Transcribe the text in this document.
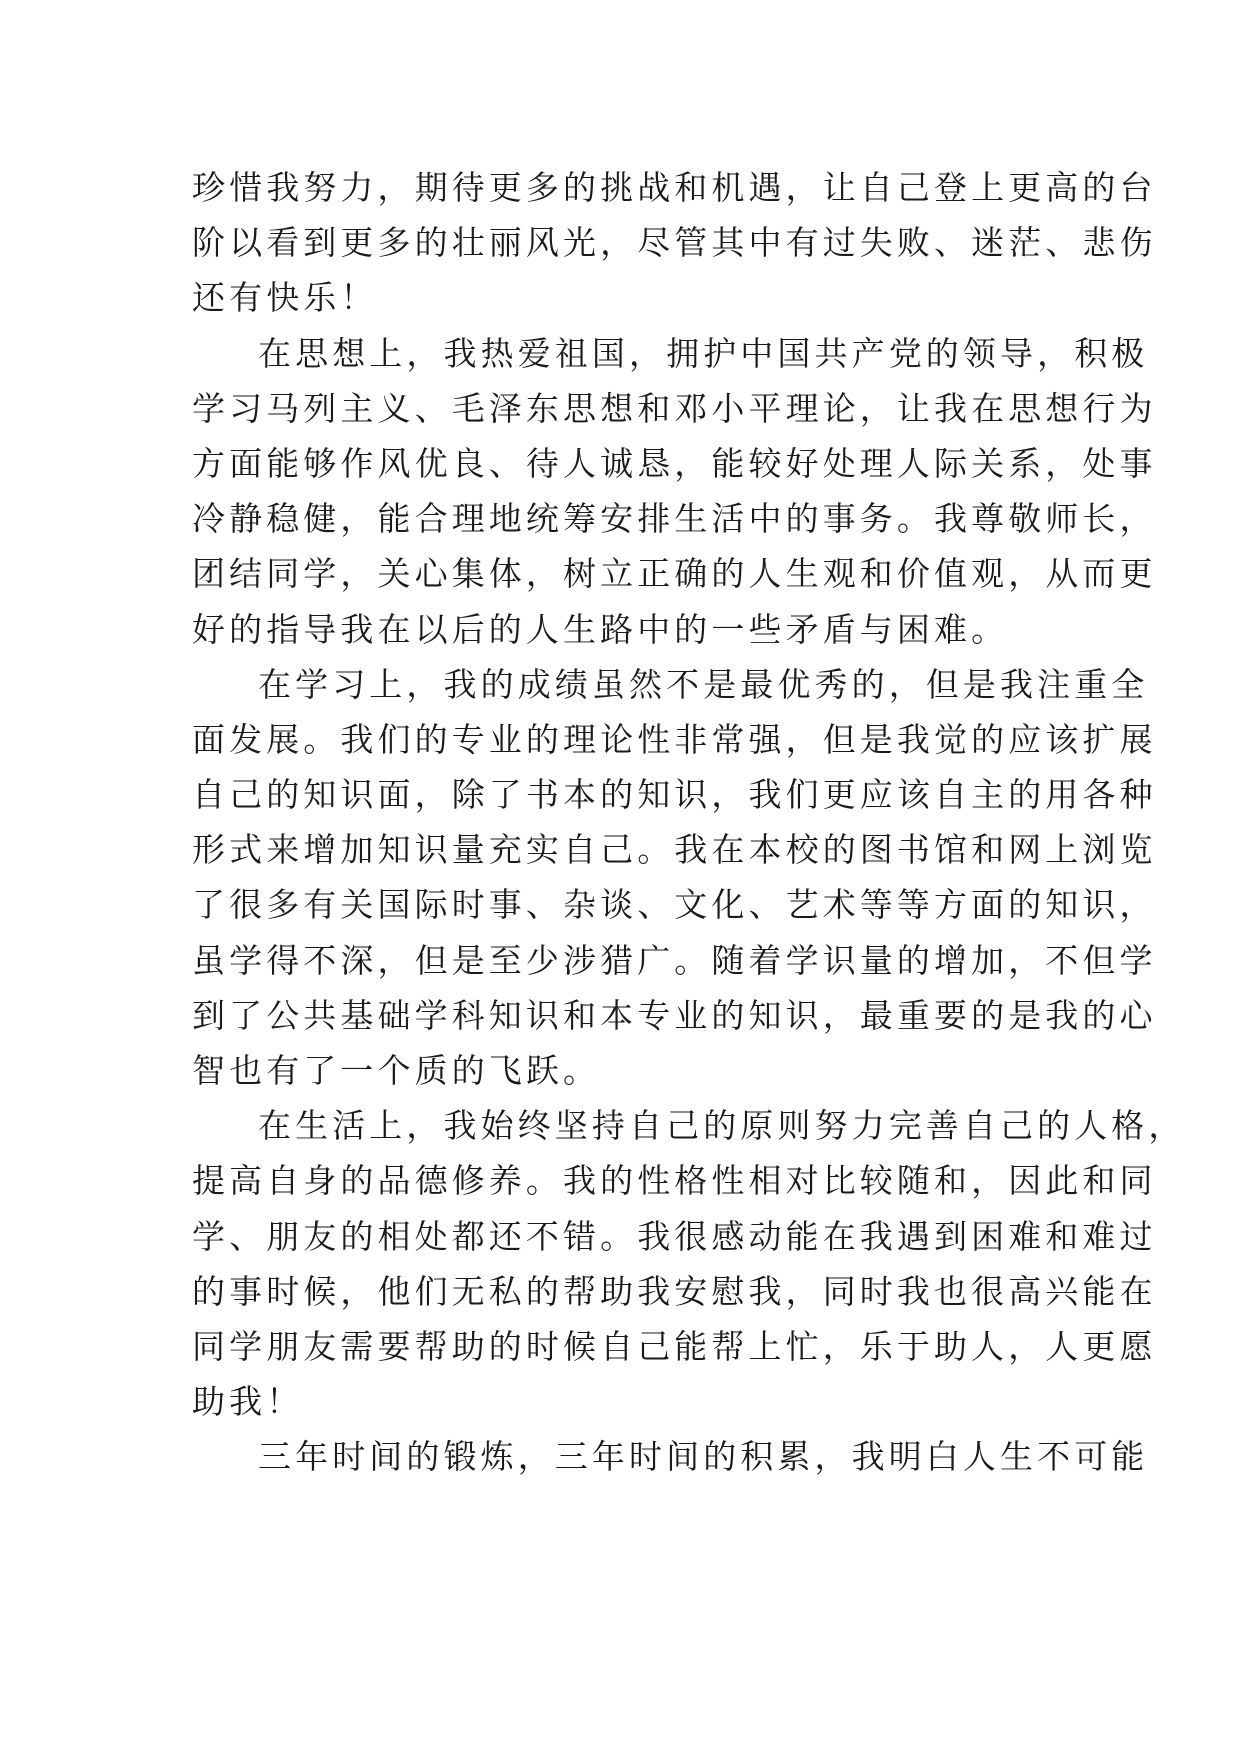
珍惜我努力，期待更多的挑战和机遇，让自己登上更高的台
阶以看到更多的壮丽风光，尽管其中有过失败、迷茫、悲伤
还有快乐！
在思想上，我热爱祖国，拥护中国共产党的领导，积极
学习马列主义、毛泽东思想和邓小平理论，让我在思想行为
方面能够作风优良、待人诚恳，能较好处理人际关系，处事
冷静稳健，能合理地统筹安排生活中的事务。我尊敬师长，
团结同学，关心集体，树立正确的人生观和价值观，从而更
好的指导我在以后的人生路中的一些矛盾与困难。
在学习上，我的成绩虽然不是最优秀的，但是我注重全
面发展。我们的专业的理论性非常强，但是我觉的应该扩展
自己的知识面，除了书本的知识，我们更应该自主的用各种
形式来增加知识量充实自己。我在本校的图书馆和网上浏览
了很多有关国际时事、杂谈、文化、艺术等等方面的知识，
虽学得不深，但是至少涉猎广。随着学识量的增加，不但学
到了公共基础学科知识和本专业的知识，最重要的是我的心
智也有了一个质的飞跃。
在生活上，我始终坚持自己的原则努力完善自己的人格，
提高自身的品德修养。我的性格性相对比较随和，因此和同
学、朋友的相处都还不错。我很感动能在我遇到困难和难过
的事时候，他们无私的帮助我安慰我，同时我也很高兴能在
同学朋友需要帮助的时候自己能帮上忙，乐于助人，人更愿
助我！
三年时间的锻炼，三年时间的积累，我明白人生不可能
